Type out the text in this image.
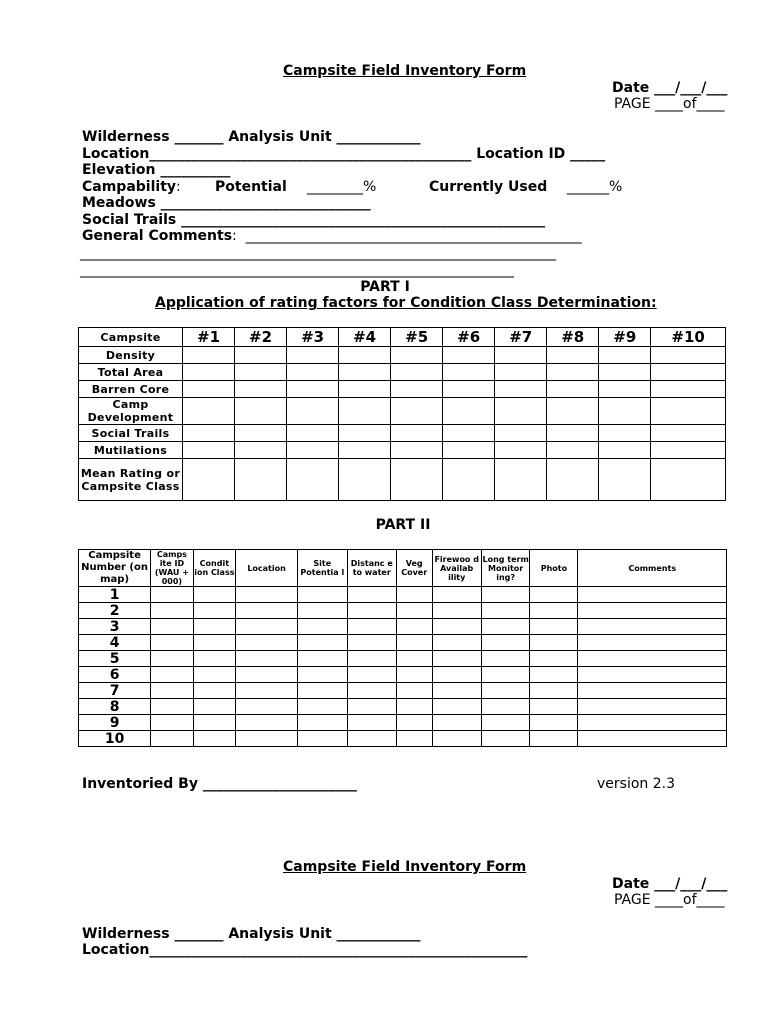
Campsite Field Inventory Form
Date ___/___/___
PAGE ____of____
Wilderness _______ Analysis Unit ____________
Location______________________________________________ Location ID _____
Elevation __________
Campability: Potential ________%	Currently Used ______%
Meadows ______________________________
Social Trails ____________________________________________________
General Comments:  ________________________________________________
____________________________________________________________________
______________________________________________________________
PART I
Application of rating factors for Condition Class Determination:
Campsite	#1	#2	#3	#4	#5	#6	#7	#8	#9	#10
Density										
Total Area										
Barren Core										
Camp Development										
Social Trails										
Mutilations										
Mean Rating or Campsite Class										
PART II
Campsite Number (on map)	Camps ite ID (WAU + 000)	Condit ion Class	Location	Site Potentia l	Distanc e to water	Veg Cover	Firewoo d Availab ility	Long term Monitor ing?	Photo	Comments
1										
2										
3										
4										
5										
6										
7										
8										
9										
10										
Inventoried By ______________________	version 2.3
Campsite Field Inventory Form
Date ___/___/___
PAGE ____of____
Wilderness _______ Analysis Unit ____________
Location______________________________________________________
